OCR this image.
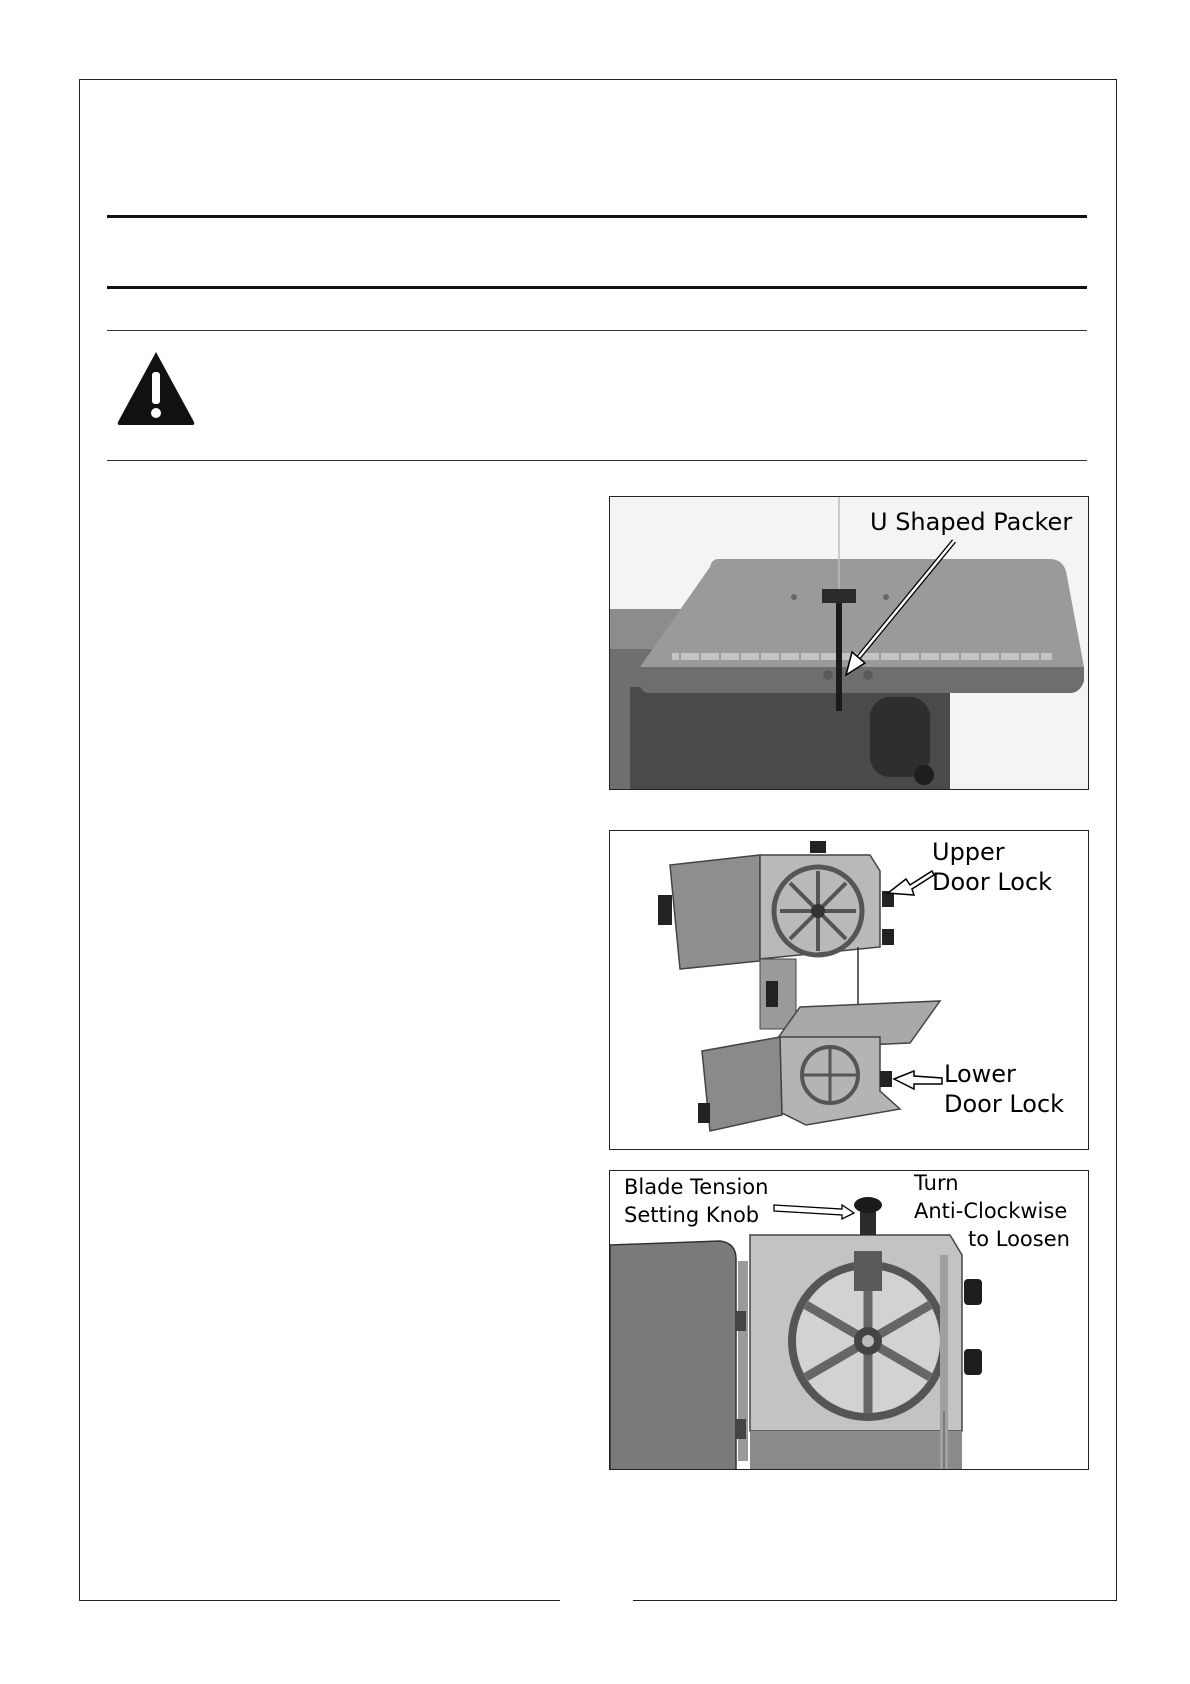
U Shaped Packer
Upper
Door Lock
Lower
Door Lock
Blade Tension
Setting Knob
Turn
Anti-Clockwise
to Loosen
